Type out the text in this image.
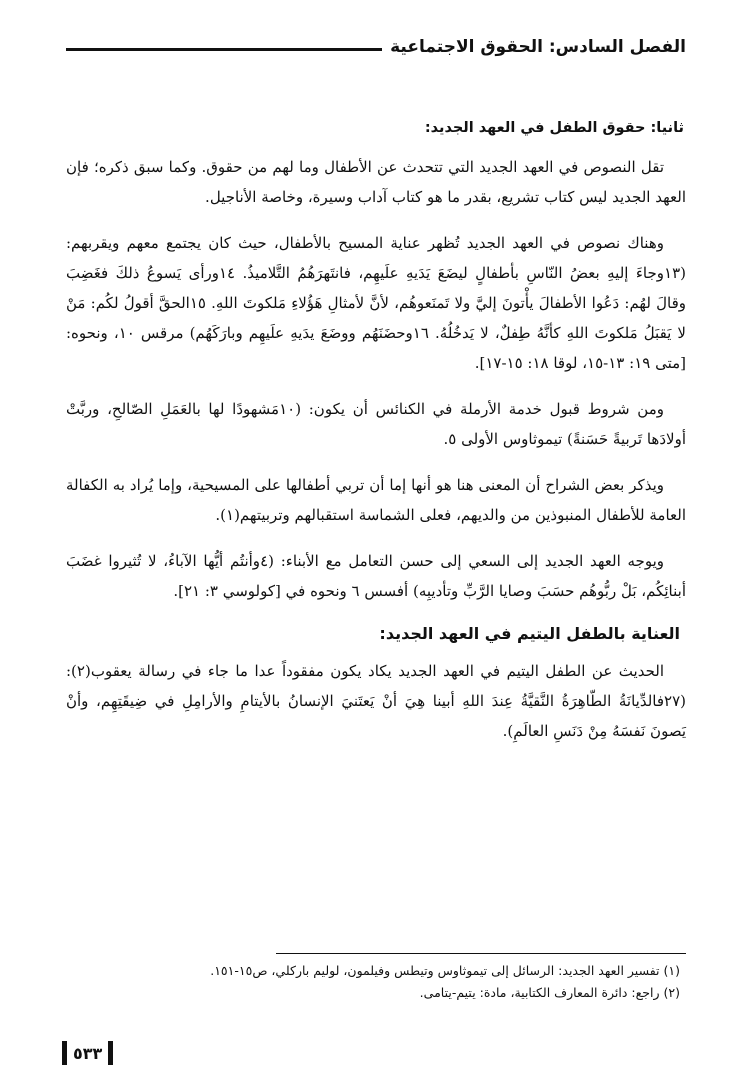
الفصل السادس: الحقوق الاجتماعية
ثانيا: حقوق الطفل في العهد الجديد:

تقل النصوص في العهد الجديد التي تتحدث عن الأطفال وما لهم من حقوق. وكما سبق ذكره؛ فإن العهد الجديد ليس كتاب تشريع، بقدر ما هو كتاب آداب وسيرة، وخاصة الأناجيل.

وهناك نصوص في العهد الجديد تُظهر عناية المسيح بالأطفال، حيث كان يجتمع معهم ويقربهم: (١٣وجاءَ إليهِ بعضُ النّاسِ بأطفالٍ ليضَعَ يَدَيهِ علَيهِم، فانتَهرَهُمُ التَّلاميذُ. ١٤ورأى يَسوعُ ذلكَ فغَضِبَ وقالَ لهُم: دَعُوا الأطفالَ يأْتونَ إليَّ ولا تَمنَعوهُم، لأنَّ لأمثالِ هَؤُلاءِ مَلكوتَ اللهِ. ١٥الحقَّ أقولُ لكُم: مَنْ لا يَقبَلُ مَلكوتَ اللهِ كأنَّهُ طِفلٌ، لا يَدخُلُهُ. ١٦وحضَنَهُم ووضَعَ يدَيهِ علَيهِم وبارَكَهُم) مرقس ١٠، ونحوه: [متى ١٩: ١٣-١٥، لوقا ١٨: ١٥-١٧].

ومن شروط قبول خدمة الأرملة في الكنائس أن يكون: (١٠مَشهودًا لها بالعَمَلِ الصّالحِ، وربَّتْ أولادَها تَربيةً حَسَنةً) تيموثاوس الأولى ٥.

ويذكر بعض الشراح أن المعنى هنا هو أنها إما أن تربي أطفالها على المسيحية، وإما يُراد به الكفالة العامة للأطفال المنبوذين من والديهم، فعلى الشماسة استقبالهم وتربيتهم(١).

ويوجه العهد الجديد إلى السعي إلى حسن التعامل مع الأبناء: (٤وأنتُم أيُّها الآباءُ، لا تُثيروا غضَبَ أبنائِكُم، بَلْ ربُّوهُم حسَبَ وصايا الرَّبِّ وتأديبِه) أفسس ٦ ونحوه في [كولوسي ٣: ٢١].

العناية بالطفل اليتيم في العهد الجديد:

الحديث عن الطفل اليتيم في العهد الجديد يكاد يكون مفقوداً عدا ما جاء في رسالة يعقوب(٢): (٢٧فالدِّيانَةُ الطّاهِرَةُ النَّقيَّةُ عِندَ اللهِ أبينا هِيَ أنْ يَعتَنيَ الإنسانُ بالأيتامِ والأرامِلِ في ضِيقَتِهِم، وأنْ يَصونَ نَفسَهُ مِنْ دَنَسِ العالَمِ).

(١) تفسير العهد الجديد: الرسائل إلى تيموثاوس وتيطس وفيلمون، لوليم باركلي، ص١٥-١٥١.

(٢) راجع: دائرة المعارف الكتابية، مادة: يتيم-يتامى.

٥٣٣
